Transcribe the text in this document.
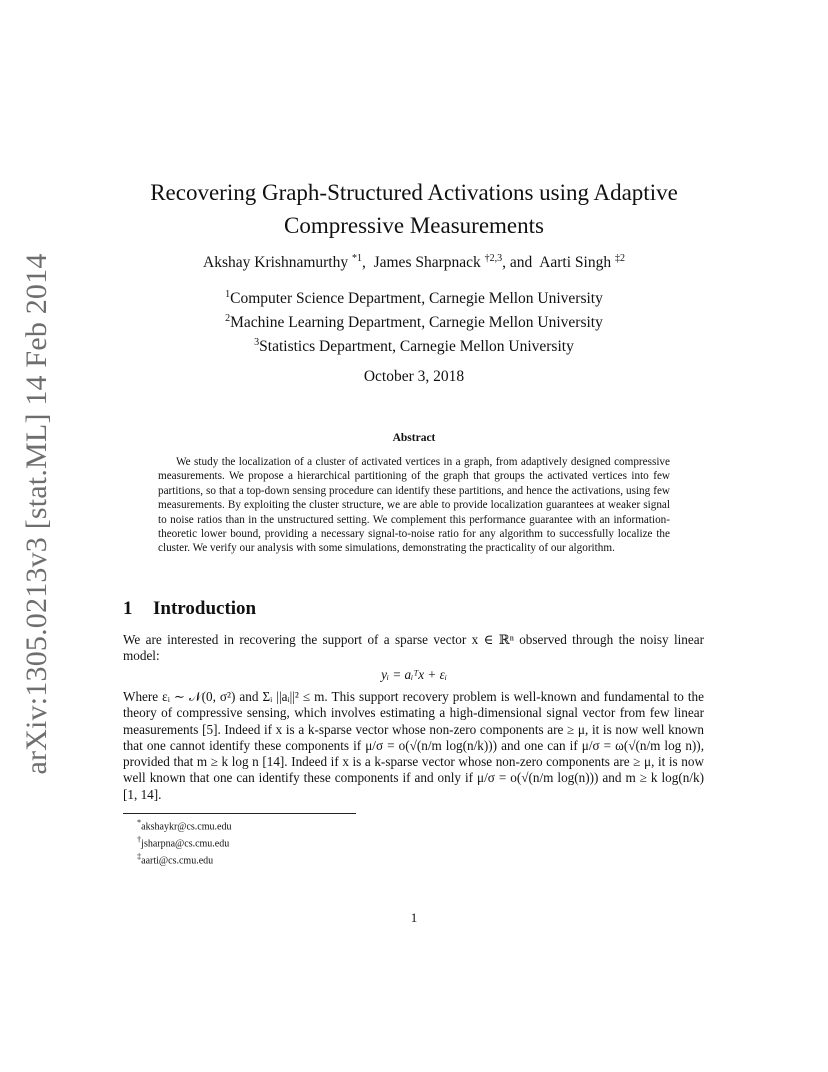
arXiv:1305.0213v3 [stat.ML] 14 Feb 2014
Recovering Graph-Structured Activations using Adaptive
Compressive Measurements
Akshay Krishnamurthy $^{*1}$,  James Sharpnack $^{\dagger 2,3}$, and  Aarti Singh $^{\ddagger 2}$
$^1$Computer Science Department, Carnegie Mellon University
$^2$Machine Learning Department, Carnegie Mellon University
$^3$Statistics Department, Carnegie Mellon University
October 3, 2018
Abstract
We study the localization of a cluster of activated vertices in a graph, from adaptively designed compressive measurements. We propose a hierarchical partitioning of the graph that groups the activated vertices into few partitions, so that a top-down sensing procedure can identify these partitions, and hence the activations, using few measurements. By exploiting the cluster structure, we are able to provide localization guarantees at weaker signal to noise ratios than in the unstructured setting. We complement this performance guarantee with an information-theoretic lower bound, providing a necessary signal-to-noise ratio for any algorithm to successfully localize the cluster. We verify our analysis with some simulations, demonstrating the practicality of our algorithm.
1 Introduction
We are interested in recovering the support of a sparse vector x ∈ ℝⁿ observed through the noisy linear model:
yᵢ = aᵢᵀx + εᵢ
Where εᵢ ∼ 𝒩(0, σ²) and Σᵢ ||aᵢ||² ≤ m. This support recovery problem is well-known and fundamental to the theory of compressive sensing, which involves estimating a high-dimensional signal vector from few linear measurements [5]. Indeed if x is a k-sparse vector whose non-zero components are ≥ μ, it is now well known that one cannot identify these components if μ/σ = o(√(n/m log(n/k))) and one can if μ/σ = ω(√(n/m log n)), provided that m ≥ k log n [14]. Indeed if x is a k-sparse vector whose non-zero components are ≥ μ, it is now well known that one can identify these components if and only if μ/σ = o(√(n/m log(n))) and m ≥ k log(n/k) [1, 14].
*akshaykr@cs.cmu.edu
†jsharpna@cs.cmu.edu
‡aarti@cs.cmu.edu
1
